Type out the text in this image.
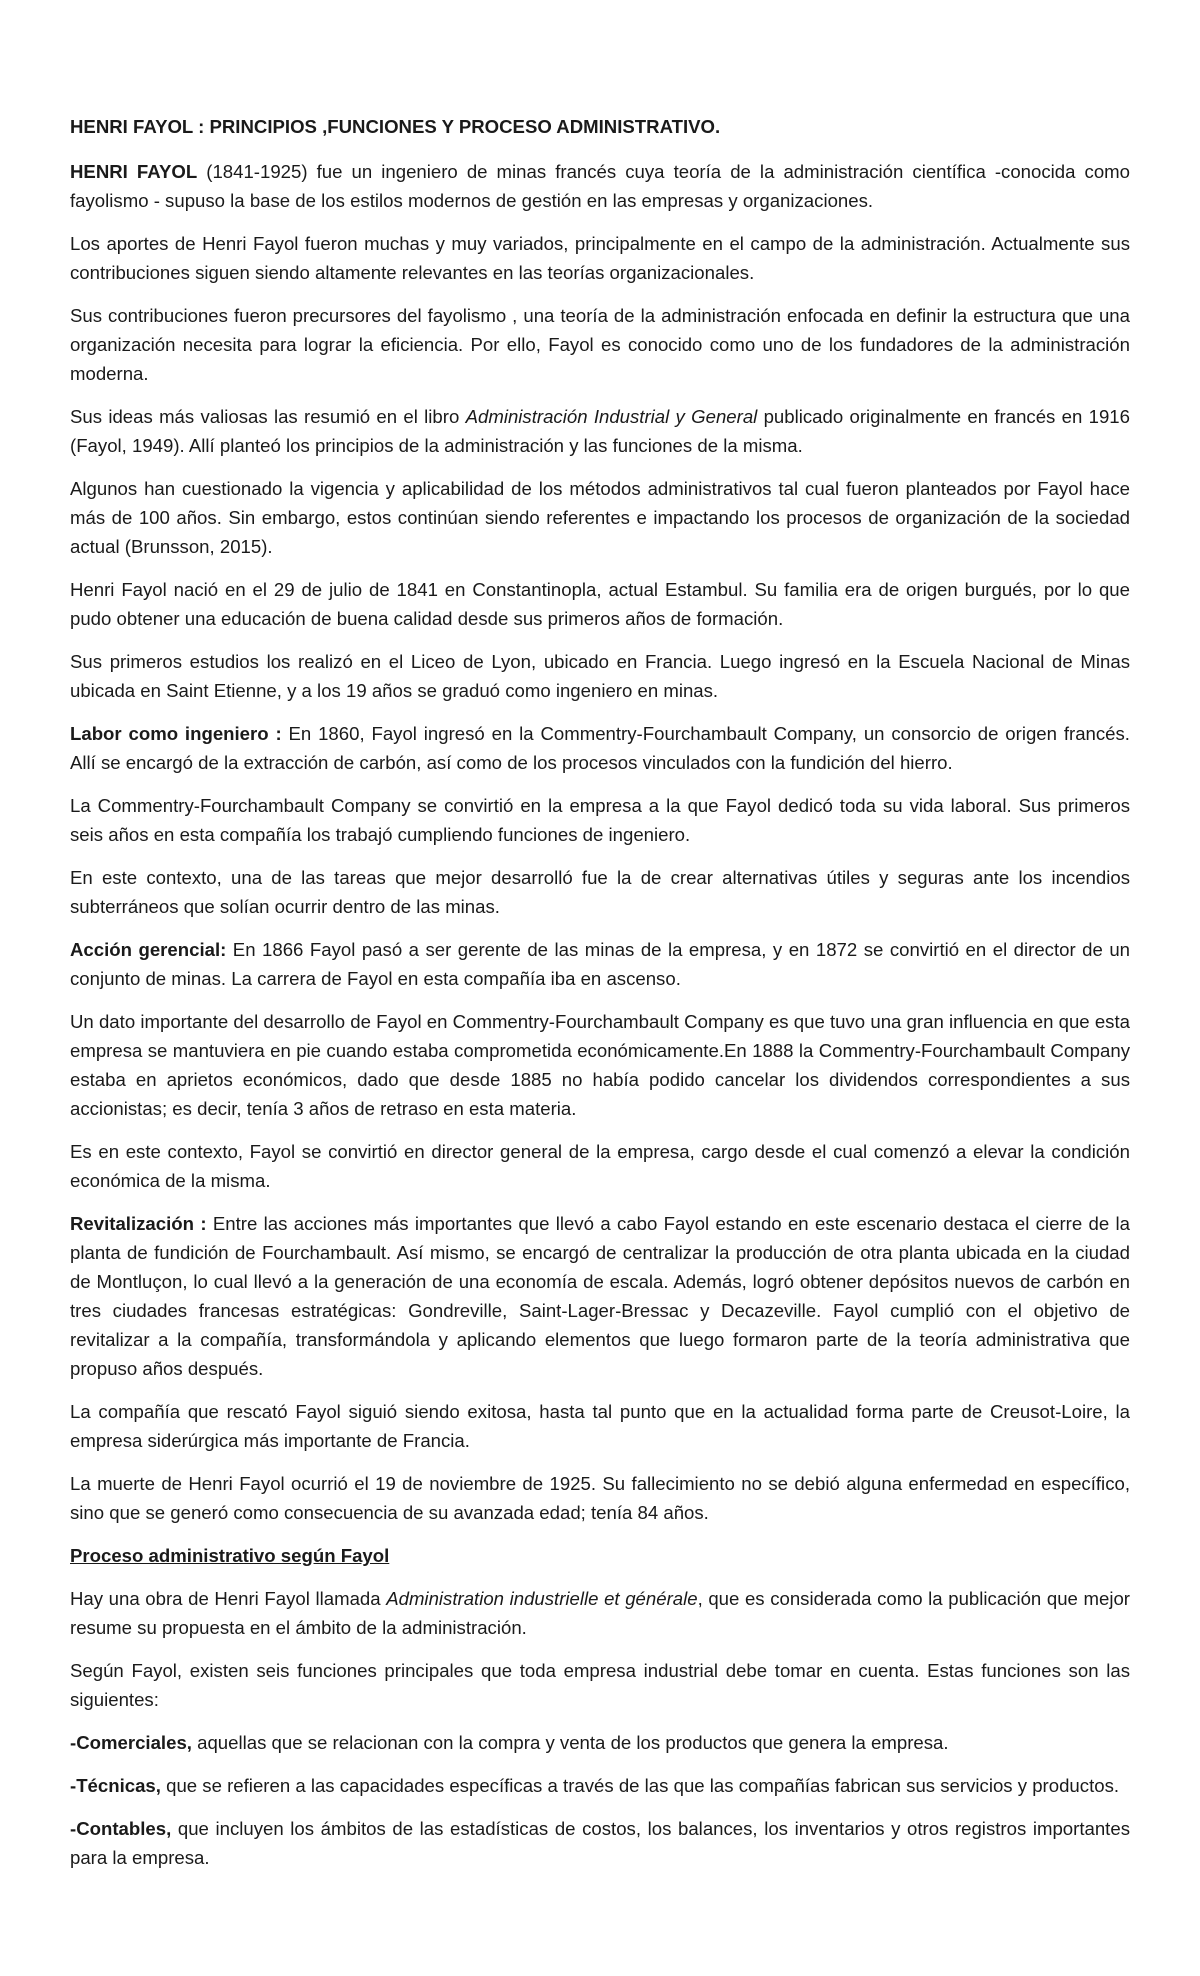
HENRI FAYOL : PRINCIPIOS ,FUNCIONES Y PROCESO ADMINISTRATIVO.

HENRI FAYOL (1841-1925) fue un ingeniero de minas francés cuya teoría de la administración científica -conocida como fayolismo - supuso la base de los estilos modernos de gestión en las empresas y organizaciones.

Los aportes de Henri Fayol fueron muchas y muy variados, principalmente en el campo de la administración. Actualmente sus contribuciones siguen siendo altamente relevantes en las teorías organizacionales.

Sus contribuciones fueron precursores del fayolismo , una teoría de la administración enfocada en definir la estructura que una organización necesita para lograr la eficiencia. Por ello, Fayol es conocido como uno de los fundadores de la administración moderna.

Sus ideas más valiosas las resumió en el libro Administración Industrial y General publicado originalmente en francés en 1916 (Fayol, 1949). Allí planteó los principios de la administración y las funciones de la misma.

Algunos han cuestionado la vigencia y aplicabilidad de los métodos administrativos tal cual fueron planteados por Fayol hace más de 100 años. Sin embargo, estos continúan siendo referentes e impactando los procesos de organización de la sociedad actual (Brunsson, 2015).

Henri Fayol nació en el 29 de julio de 1841 en Constantinopla, actual Estambul. Su familia era de origen burgués, por lo que pudo obtener una educación de buena calidad desde sus primeros años de formación.

Sus primeros estudios los realizó en el Liceo de Lyon, ubicado en Francia. Luego ingresó en la Escuela Nacional de Minas ubicada en Saint Etienne, y a los 19 años se graduó como ingeniero en minas.

Labor como ingeniero : En 1860, Fayol ingresó en la Commentry-Fourchambault Company, un consorcio de origen francés. Allí se encargó de la extracción de carbón, así como de los procesos vinculados con la fundición del hierro.

La Commentry-Fourchambault Company se convirtió en la empresa a la que Fayol dedicó toda su vida laboral. Sus primeros seis años en esta compañía los trabajó cumpliendo funciones de ingeniero.

En este contexto, una de las tareas que mejor desarrolló fue la de crear alternativas útiles y seguras ante los incendios subterráneos que solían ocurrir dentro de las minas.

Acción gerencial: En 1866 Fayol pasó a ser gerente de las minas de la empresa, y en 1872 se convirtió en el director de un conjunto de minas. La carrera de Fayol en esta compañía iba en ascenso.

Un dato importante del desarrollo de Fayol en Commentry-Fourchambault Company es que tuvo una gran influencia en que esta empresa se mantuviera en pie cuando estaba comprometida económicamente.En 1888 la Commentry-Fourchambault Company estaba en aprietos económicos, dado que desde 1885 no había podido cancelar los dividendos correspondientes a sus accionistas; es decir, tenía 3 años de retraso en esta materia.

Es en este contexto, Fayol se convirtió en director general de la empresa, cargo desde el cual comenzó a elevar la condición económica de la misma.

Revitalización : Entre las acciones más importantes que llevó a cabo Fayol estando en este escenario destaca el cierre de la planta de fundición de Fourchambault. Así mismo, se encargó de centralizar la producción de otra planta ubicada en la ciudad de Montluçon, lo cual llevó a la generación de una economía de escala. Además, logró obtener depósitos nuevos de carbón en tres ciudades francesas estratégicas: Gondreville, Saint-Lager-Bressac y Decazeville. Fayol cumplió con el objetivo de revitalizar a la compañía, transformándola y aplicando elementos que luego formaron parte de la teoría administrativa que propuso años después.

La compañía que rescató Fayol siguió siendo exitosa, hasta tal punto que en la actualidad forma parte de Creusot-Loire, la empresa siderúrgica más importante de Francia.

La muerte de Henri Fayol ocurrió el 19 de noviembre de 1925. Su fallecimiento no se debió alguna enfermedad en específico, sino que se generó como consecuencia de su avanzada edad; tenía 84 años.

Proceso administrativo según Fayol

Hay una obra de Henri Fayol llamada Administration industrielle et générale, que es considerada como la publicación que mejor resume su propuesta en el ámbito de la administración.

Según Fayol, existen seis funciones principales que toda empresa industrial debe tomar en cuenta. Estas funciones son las siguientes:

-Comerciales, aquellas que se relacionan con la compra y venta de los productos que genera la empresa.

-Técnicas, que se refieren a las capacidades específicas a través de las que las compañías fabrican sus servicios y productos.

-Contables, que incluyen los ámbitos de las estadísticas de costos, los balances, los inventarios y otros registros importantes para la empresa.
